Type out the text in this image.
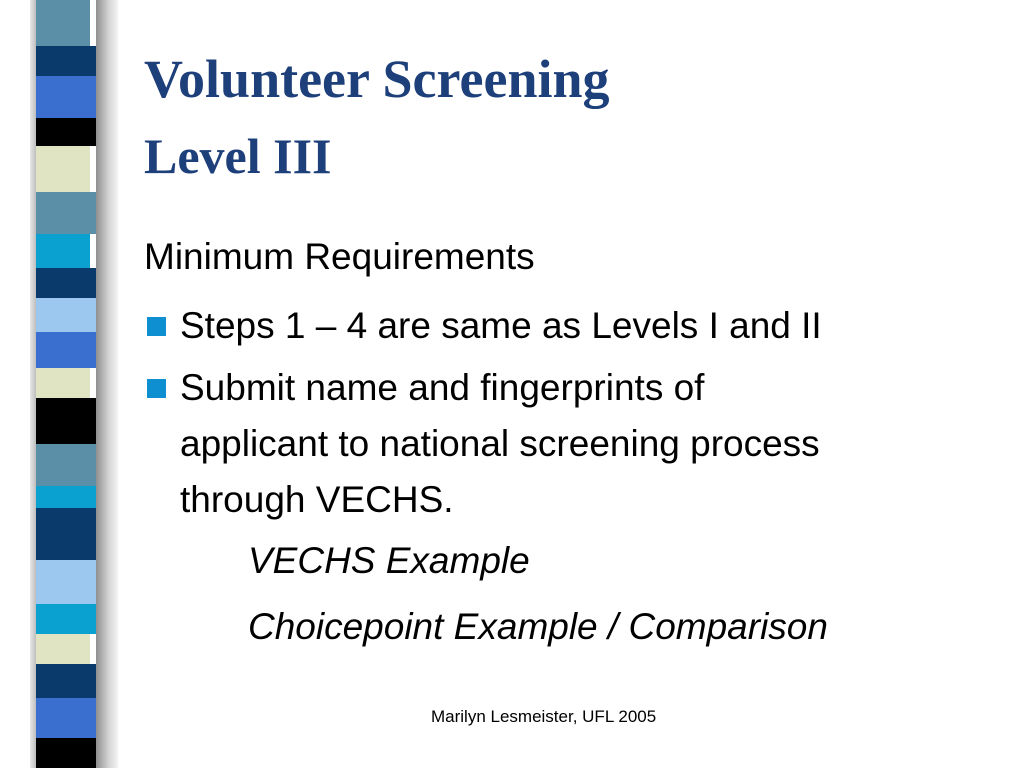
Volunteer Screening
Level III
Minimum Requirements
Steps 1 – 4 are same as Levels I and II
Submit name and fingerprints of
applicant to national screening process
through VECHS.
VECHS Example
Choicepoint Example / Comparison
Marilyn Lesmeister, UFL 2005
